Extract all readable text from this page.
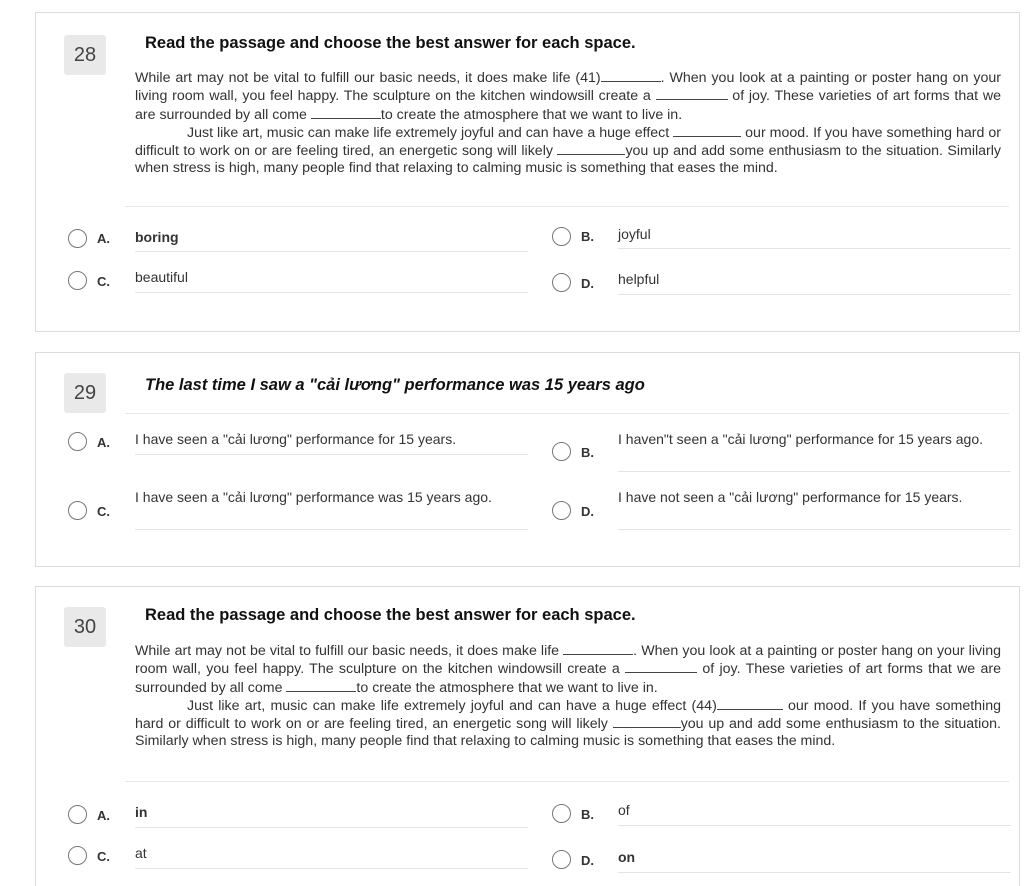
28
Read the passage and choose the best answer for each space.

While art may not be vital to fulfill our basic needs, it does make life (41)	. When you look at a painting or poster hang on your living room wall, you feel happy. The sculpture on the kitchen windowsill create a	of joy. These varieties of art forms that we are surrounded by all come	to create the atmosphere that we want to live in.

Just like art, music can make life extremely joyful and can have a huge effect	our mood. If you have something hard or difficult to work on or are feeling tired, an energetic song will likely	you up and add some enthusiasm to the situation. Similarly when stress is high, many people find that relaxing to calming music is something that eases the mind.

A. boring	B. joyful
C. beautiful	D. helpful
29	The last time I saw a "cải lương" performance was 15 years ago
A. I have seen a "cải lương" performance for 15 years.
B.
I haven"t seen a "cải lương" performance for 15 years ago.
C.
I have seen a "cải lương" performance was 15 years ago.
D.
I have not seen a "cải lương" performance for 15 years.
30
Read the passage and choose the best answer for each space.

While art may not be vital to fulfill our basic needs, it does make life	. When you look at a painting or poster hang on your living room wall, you feel happy. The sculpture on the kitchen windowsill create a	of joy. These varieties of art forms that we are surrounded by all come	to create the atmosphere that we want to live in.

Just like art, music can make life extremely joyful and can have a huge effect (44)	our mood. If you have something hard or difficult to work on or are feeling tired, an energetic song will likely	you up and add some enthusiasm to the situation. Similarly when stress is high, many people find that relaxing to calming music is something that eases the mind.

A. in	B. of
C. at	D. on
